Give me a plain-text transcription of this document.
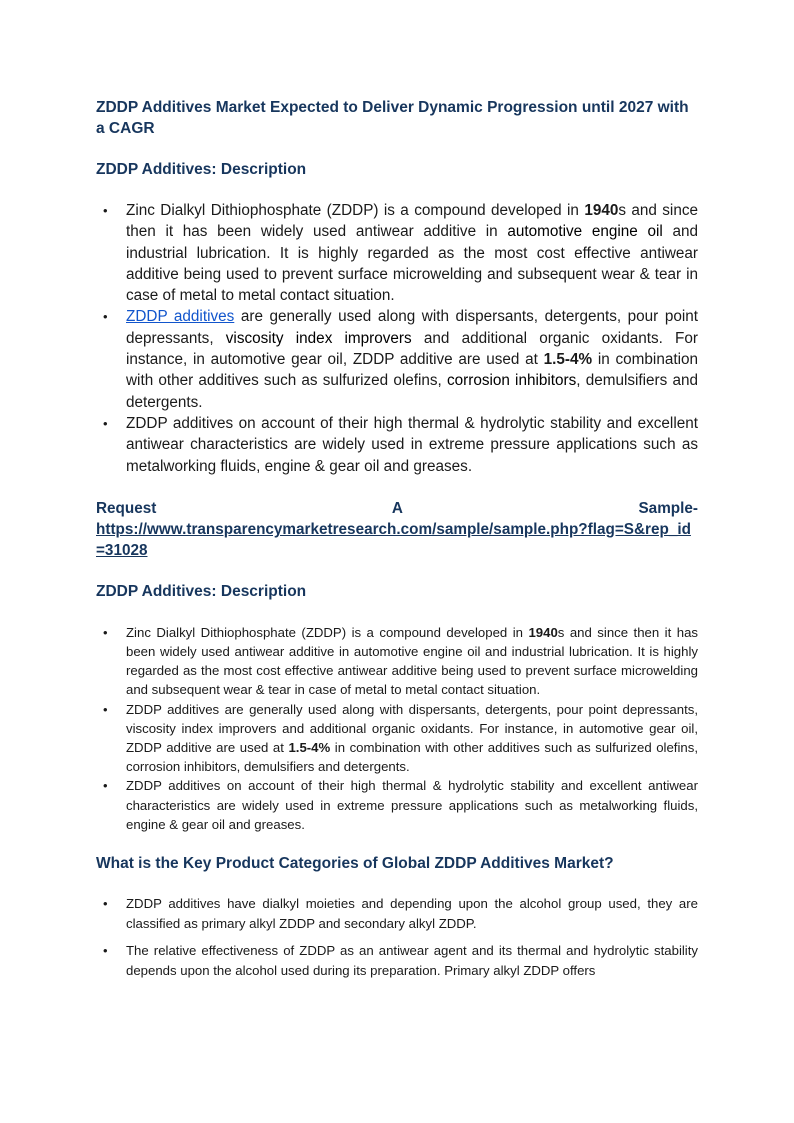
ZDDP Additives Market Expected to Deliver Dynamic Progression until 2027 with a CAGR
ZDDP Additives: Description
• Zinc Dialkyl Dithiophosphate (ZDDP) is a compound developed in 1940s and since then it has been widely used antiwear additive in automotive engine oil and industrial lubrication. It is highly regarded as the most cost effective antiwear additive being used to prevent surface microwelding and subsequent wear & tear in case of metal to metal contact situation.
• ZDDP additives are generally used along with dispersants, detergents, pour point depressants, viscosity index improvers and additional organic oxidants. For instance, in automotive gear oil, ZDDP additive are used at 1.5-4% in combination with other additives such as sulfurized olefins, corrosion inhibitors, demulsifiers and detergents.
• ZDDP additives on account of their high thermal & hydrolytic stability and excellent antiwear characteristics are widely used in extreme pressure applications such as metalworking fluids, engine & gear oil and greases.
Request	A	Sample-
https://www.transparencymarketresearch.com/sample/sample.php?flag=S&rep_id=31028
ZDDP Additives: Description
• Zinc Dialkyl Dithiophosphate (ZDDP) is a compound developed in 1940s and since then it has been widely used antiwear additive in automotive engine oil and industrial lubrication. It is highly regarded as the most cost effective antiwear additive being used to prevent surface microwelding and subsequent wear & tear in case of metal to metal contact situation.
• ZDDP additives are generally used along with dispersants, detergents, pour point depressants, viscosity index improvers and additional organic oxidants. For instance, in automotive gear oil, ZDDP additive are used at 1.5-4% in combination with other additives such as sulfurized olefins, corrosion inhibitors, demulsifiers and detergents.
• ZDDP additives on account of their high thermal & hydrolytic stability and excellent antiwear characteristics are widely used in extreme pressure applications such as metalworking fluids, engine & gear oil and greases.
What is the Key Product Categories of Global ZDDP Additives Market?
• ZDDP additives have dialkyl moieties and depending upon the alcohol group used, they are classified as primary alkyl ZDDP and secondary alkyl ZDDP.
• The relative effectiveness of ZDDP as an antiwear agent and its thermal and hydrolytic stability depends upon the alcohol used during its preparation. Primary alkyl ZDDP offers
